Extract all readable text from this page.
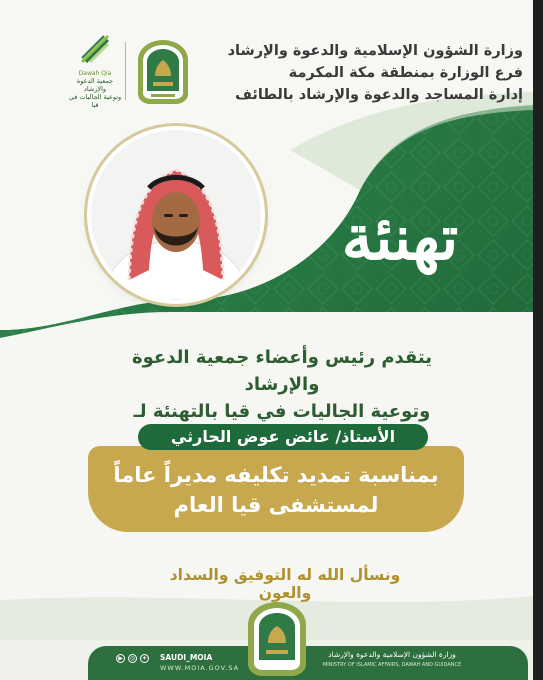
وزارة الشؤون الإسلامية والدعوة والإرشاد
فرع الوزارة بمنطقة مكة المكرمة
إدارة المساجد والدعوة والإرشاد بالطائف
Dawah Qia
جمعية الدعوة والإرشاد
وتوعية الجاليات في قيا
تهنئة
يتقدم رئيس وأعضاء جمعية الدعوة والإرشاد
وتوعية الجاليات في قيا بالتهنئة لـ
بمناسبة تمديد تكليفه مديراً عاماً
لمستشفى قيا العام
الأستاذ/ عائض عوض الحارثي
ونسأل الله له التوفيق والسداد والعون
▶	◎	✦ SAUDI_MOIA
WWW.MOIA.GOV.SA
وزارة الشؤون الإسلامية والدعوة والإرشاد
MINISTRY OF ISLAMIC AFFAIRS, DAWAH AND GUIDANCE
